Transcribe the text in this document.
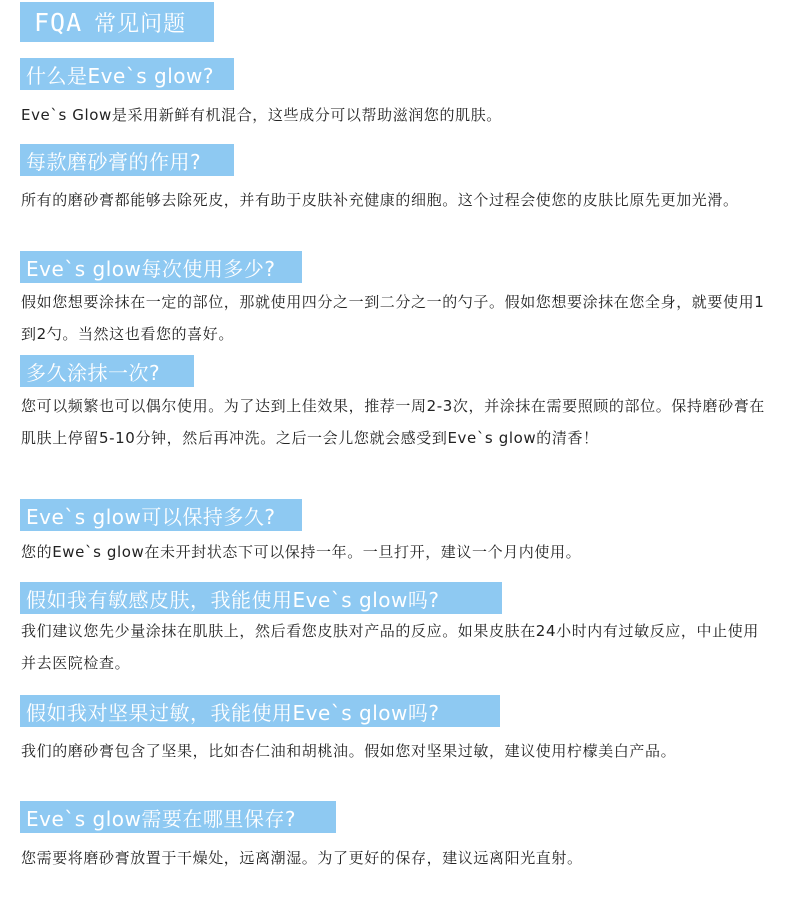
FQA 常见问题
什么是Eve`s glow?

Eve`s Glow是采用新鲜有机混合，这些成分可以帮助滋润您的肌肤。

每款磨砂膏的作用?

所有的磨砂膏都能够去除死皮，并有助于皮肤补充健康的细胞。这个过程会使您的皮肤比原先更加光滑。

Eve`s glow每次使用多少?

假如您想要涂抹在一定的部位，那就使用四分之一到二分之一的勺子。假如您想要涂抹在您全身，就要使用1到2勺。当然这也看您的喜好。

多久涂抹一次?

您可以频繁也可以偶尔使用。为了达到上佳效果，推荐一周2-3次，并涂抹在需要照顾的部位。保持磨砂膏在肌肤上停留5-10分钟，然后再冲洗。之后一会儿您就会感受到Eve`s glow的清香！

Eve`s glow可以保持多久?

您的Ewe`s glow在未开封状态下可以保持一年。一旦打开，建议一个月内使用。

假如我有敏感皮肤，我能使用Eve`s glow吗?

我们建议您先少量涂抹在肌肤上，然后看您皮肤对产品的反应。如果皮肤在24小时内有过敏反应，中止使用并去医院检查。

假如我对坚果过敏，我能使用Eve`s glow吗?

我们的磨砂膏包含了坚果，比如杏仁油和胡桃油。假如您对坚果过敏，建议使用柠檬美白产品。

Eve`s glow需要在哪里保存?

您需要将磨砂膏放置于干燥处，远离潮湿。为了更好的保存，建议远离阳光直射。
